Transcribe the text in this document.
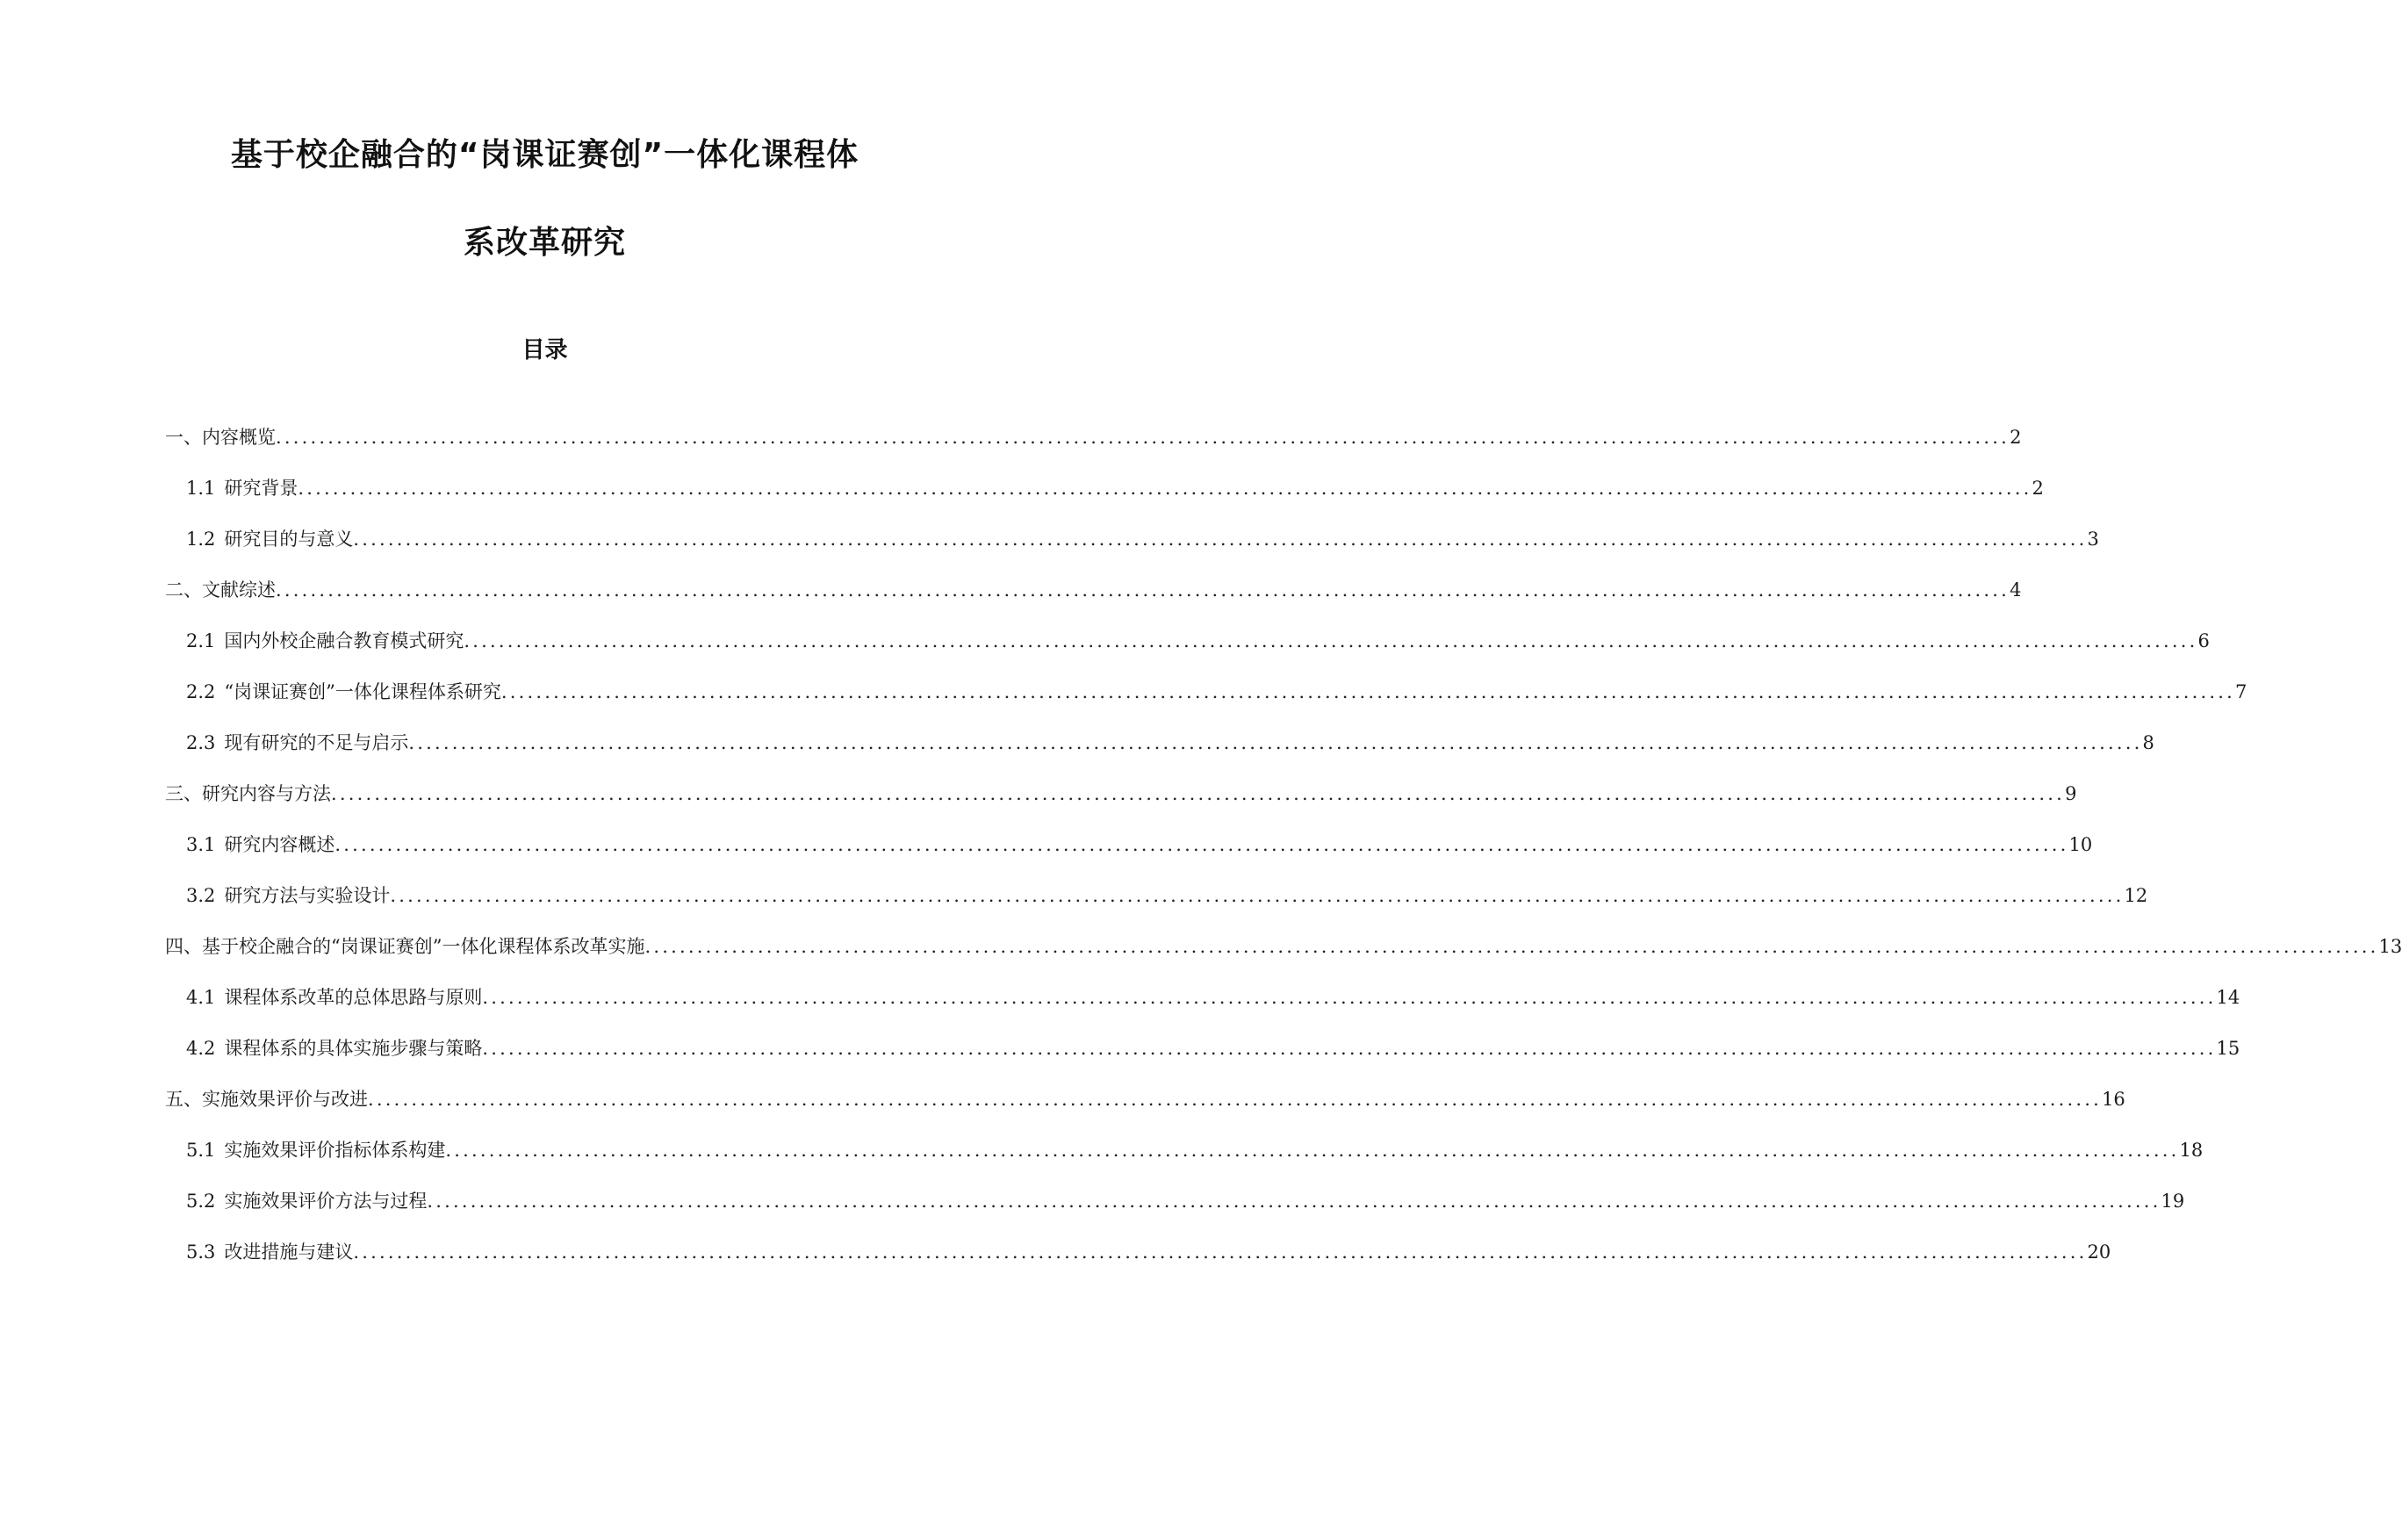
基于校企融合的“岗课证赛创”一体化课程体
系改革研究
目录
一、 内容概览 ........................................................................................................................................................................................................ 2
1.1 研究背景 ........................................................................................................................................................................................................ 2
1.2 研究目的与意义 ........................................................................................................................................................................................................ 3
二、 文献综述 ........................................................................................................................................................................................................ 4
2.1 国内外校企融合教育模式研究 ........................................................................................................................................................................................................ 6
2.2 “岗课证赛创”一体化课程体系研究 ........................................................................................................................................................................................................ 7
2.3 现有研究的不足与启示 ........................................................................................................................................................................................................ 8
三、 研究内容与方法 ........................................................................................................................................................................................................ 9
3.1 研究内容概述 ........................................................................................................................................................................................................ 10
3.2 研究方法与实验设计 ........................................................................................................................................................................................................ 12
四、 基于校企融合的“岗课证赛创”一体化课程体系改革实施 ........................................................................................................................................................................................................ 13
4.1 课程体系改革的总体思路与原则 ........................................................................................................................................................................................................ 14
4.2 课程体系的具体实施步骤与策略 ........................................................................................................................................................................................................ 15
五、 实施效果评价与改进 ........................................................................................................................................................................................................ 16
5.1 实施效果评价指标体系构建 ........................................................................................................................................................................................................ 18
5.2 实施效果评价方法与过程 ........................................................................................................................................................................................................ 19
5.3 改进措施与建议 ........................................................................................................................................................................................................ 20
